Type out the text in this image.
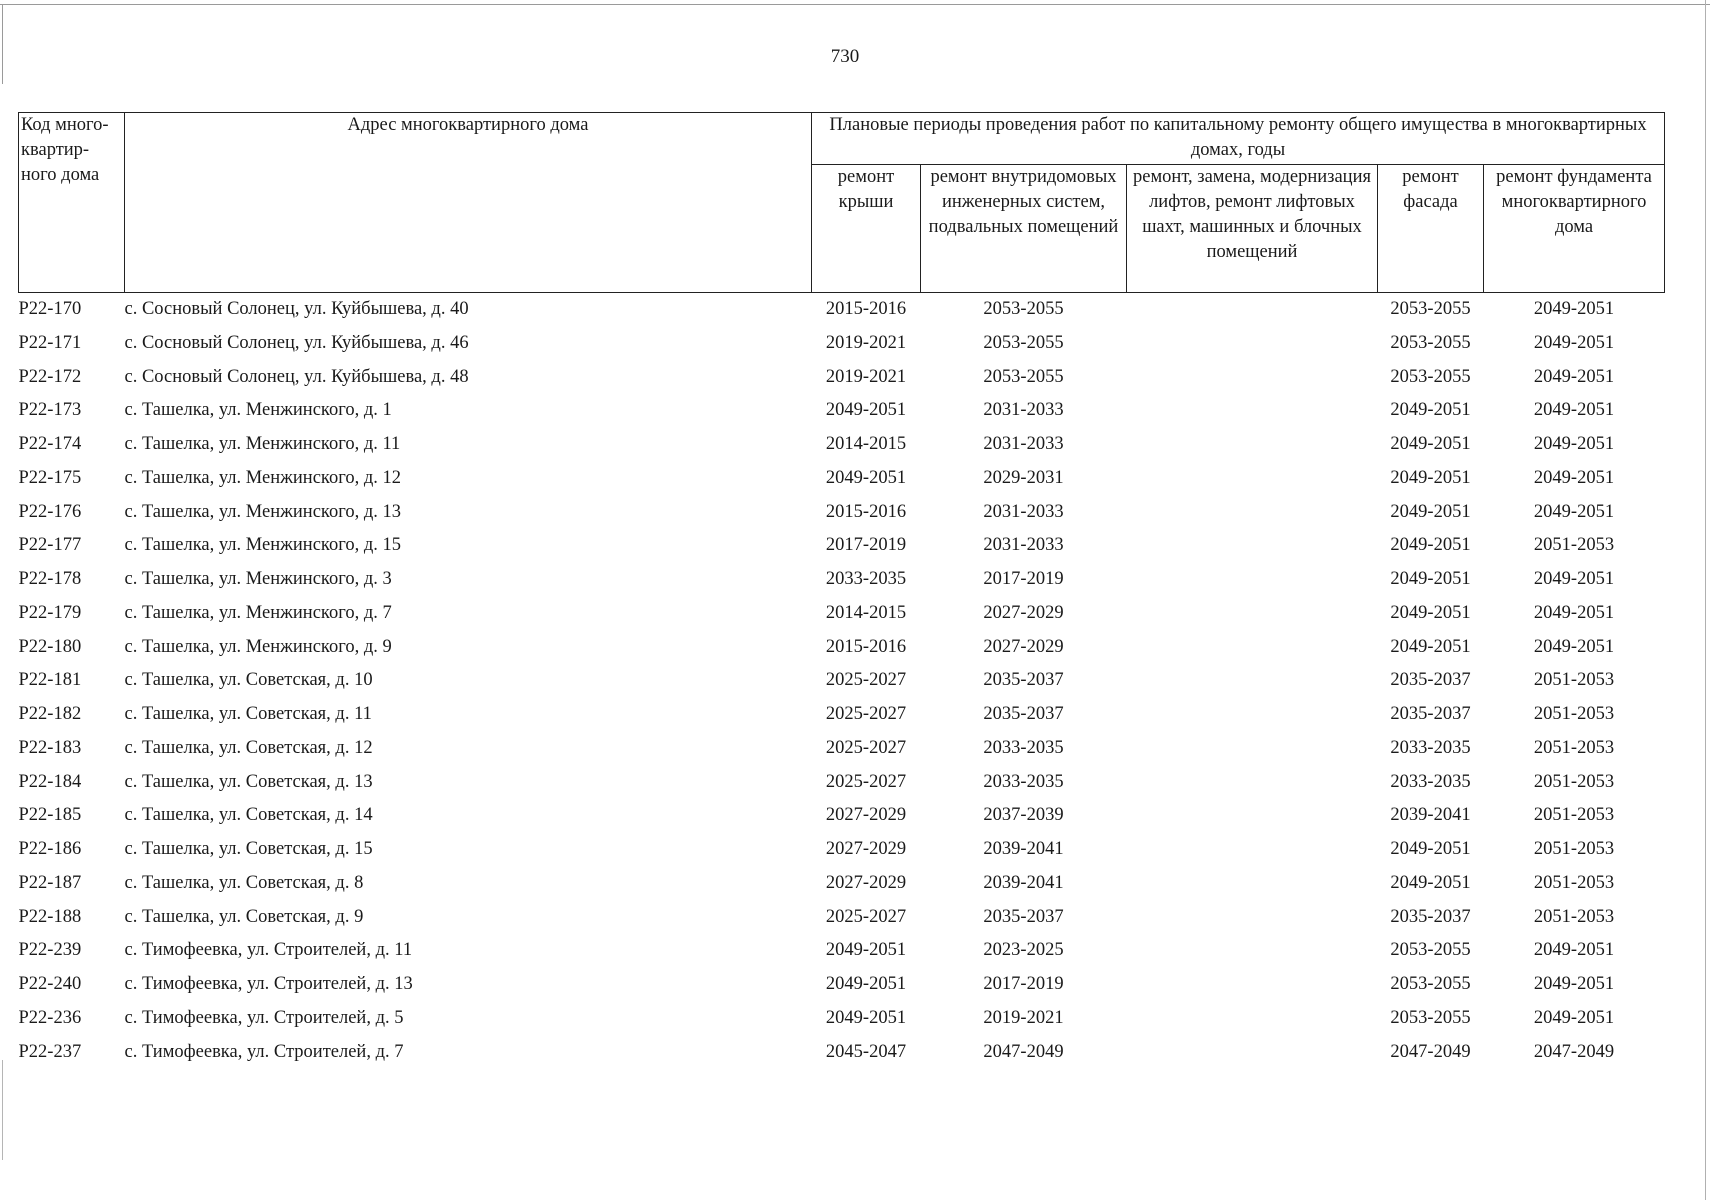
730
Код много-квартир-ного дома	Адрес многоквартирного дома	Плановые периоды проведения работ по капитальному ремонту общего имущества в многоквартирных домах, годы				
		ремонт крыши	ремонт внутридомовых инженерных систем, подвальных помещений	ремонт, замена, модернизация лифтов, ремонт лифтовых шахт, машинных и блочных помещений	ремонт фасада	ремонт фундамента многоквартирного дома
Р22-170	с. Сосновый Солонец, ул. Куйбышева, д. 40	2015-2016	2053-2055		2053-2055	2049-2051
Р22-171	с. Сосновый Солонец, ул. Куйбышева, д. 46	2019-2021	2053-2055		2053-2055	2049-2051
Р22-172	с. Сосновый Солонец, ул. Куйбышева, д. 48	2019-2021	2053-2055		2053-2055	2049-2051
Р22-173	с. Ташелка, ул. Менжинского, д. 1	2049-2051	2031-2033		2049-2051	2049-2051
Р22-174	с. Ташелка, ул. Менжинского, д. 11	2014-2015	2031-2033		2049-2051	2049-2051
Р22-175	с. Ташелка, ул. Менжинского, д. 12	2049-2051	2029-2031		2049-2051	2049-2051
Р22-176	с. Ташелка, ул. Менжинского, д. 13	2015-2016	2031-2033		2049-2051	2049-2051
Р22-177	с. Ташелка, ул. Менжинского, д. 15	2017-2019	2031-2033		2049-2051	2051-2053
Р22-178	с. Ташелка, ул. Менжинского, д. 3	2033-2035	2017-2019		2049-2051	2049-2051
Р22-179	с. Ташелка, ул. Менжинского, д. 7	2014-2015	2027-2029		2049-2051	2049-2051
Р22-180	с. Ташелка, ул. Менжинского, д. 9	2015-2016	2027-2029		2049-2051	2049-2051
Р22-181	с. Ташелка, ул. Советская, д. 10	2025-2027	2035-2037		2035-2037	2051-2053
Р22-182	с. Ташелка, ул. Советская, д. 11	2025-2027	2035-2037		2035-2037	2051-2053
Р22-183	с. Ташелка, ул. Советская, д. 12	2025-2027	2033-2035		2033-2035	2051-2053
Р22-184	с. Ташелка, ул. Советская, д. 13	2025-2027	2033-2035		2033-2035	2051-2053
Р22-185	с. Ташелка, ул. Советская, д. 14	2027-2029	2037-2039		2039-2041	2051-2053
Р22-186	с. Ташелка, ул. Советская, д. 15	2027-2029	2039-2041		2049-2051	2051-2053
Р22-187	с. Ташелка, ул. Советская, д. 8	2027-2029	2039-2041		2049-2051	2051-2053
Р22-188	с. Ташелка, ул. Советская, д. 9	2025-2027	2035-2037		2035-2037	2051-2053
Р22-239	с. Тимофеевка, ул. Строителей, д. 11	2049-2051	2023-2025		2053-2055	2049-2051
Р22-240	с. Тимофеевка, ул. Строителей, д. 13	2049-2051	2017-2019		2053-2055	2049-2051
Р22-236	с. Тимофеевка, ул. Строителей, д. 5	2049-2051	2019-2021		2053-2055	2049-2051
Р22-237	с. Тимофеевка, ул. Строителей, д. 7	2045-2047	2047-2049		2047-2049	2047-2049
